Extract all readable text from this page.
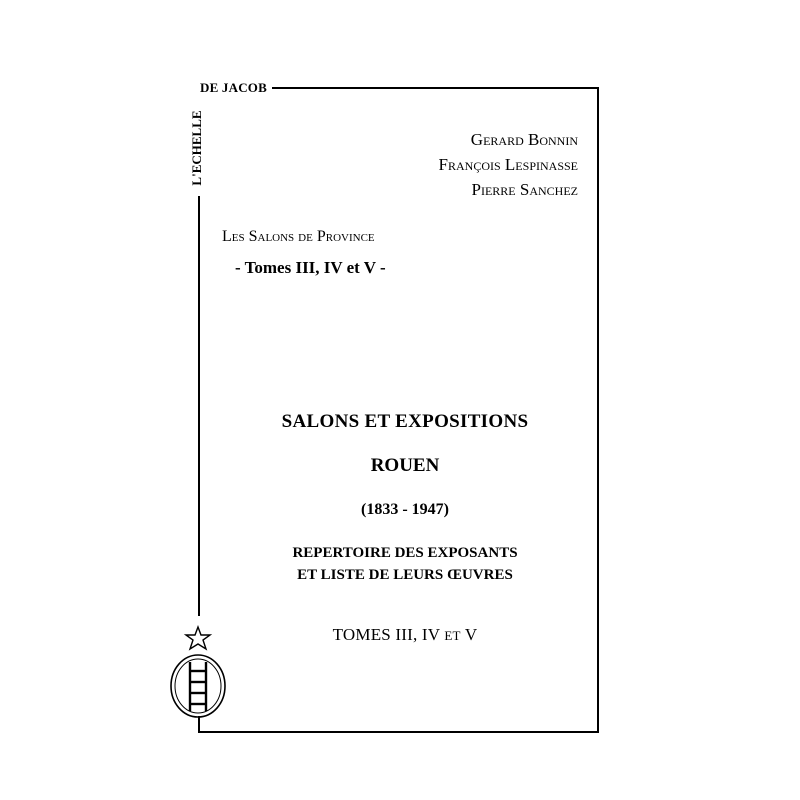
DE JACOB
L'ECHELLE	Gerard Bonnin
François Lespinasse
Pierre Sanchez
Les Salons de Province
- Tomes III, IV et V -
SALONS ET EXPOSITIONS
ROUEN
(1833 - 1947)
REPERTOIRE DES EXPOSANTS
ET LISTE DE LEURS ŒUVRES
TOMES III, IV ET V
